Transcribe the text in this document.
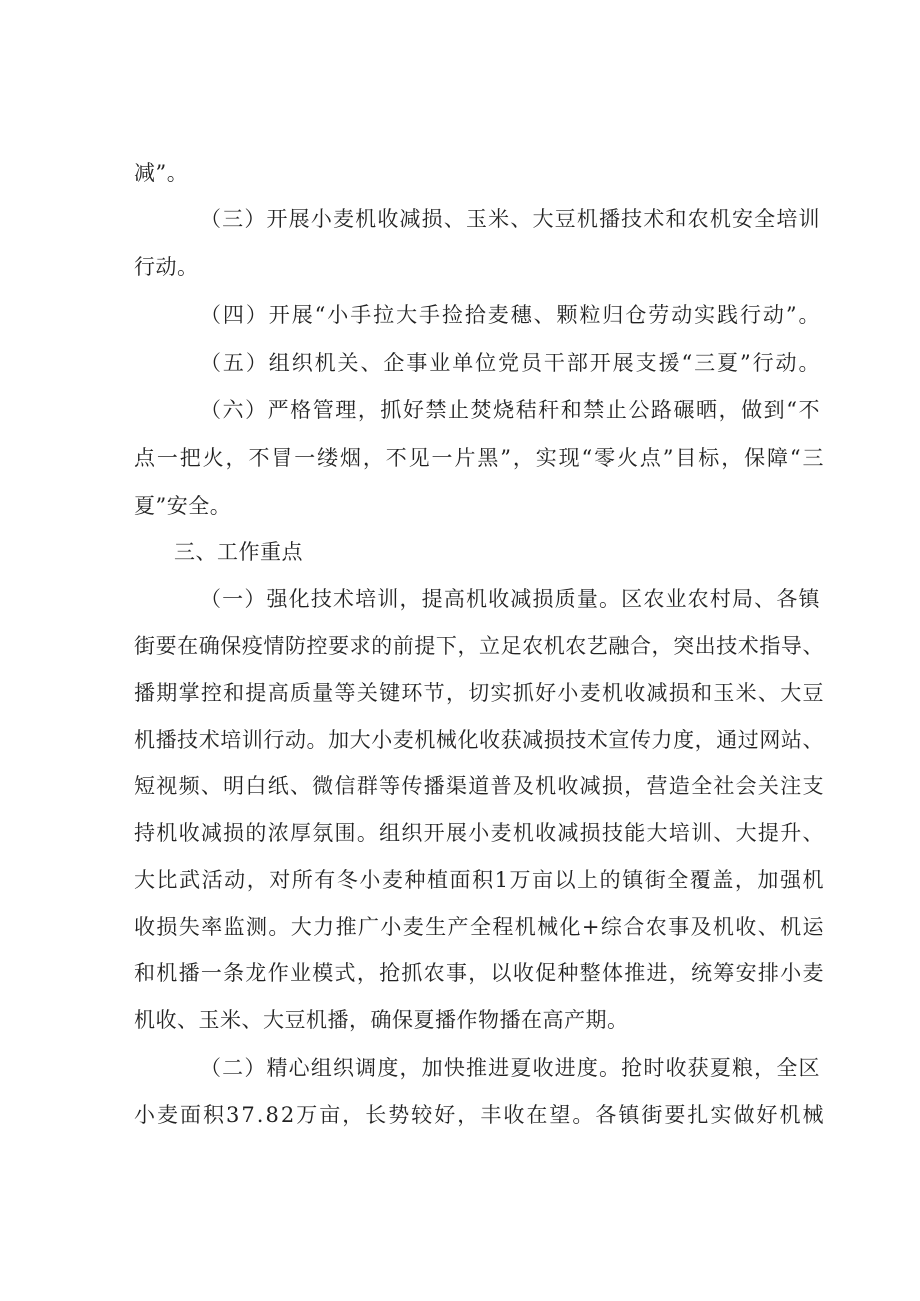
减”。
（三）开展小麦机收减损、玉米、大豆机播技术和农机安全培训
行动。
（四）开展“小手拉大手捡拾麦穗、颗粒归仓劳动实践行动”。
（五）组织机关、企事业单位党员干部开展支援“三夏”行动。
（六）严格管理，抓好禁止焚烧秸秆和禁止公路碾晒，做到“不
点一把火，不冒一缕烟，不见一片黑”，实现“零火点”目标，保障“三
夏”安全。
三、工作重点
（一）强化技术培训，提高机收减损质量。区农业农村局、各镇
街要在确保疫情防控要求的前提下，立足农机农艺融合，突出技术指导、
播期掌控和提高质量等关键环节，切实抓好小麦机收减损和玉米、大豆
机播技术培训行动。加大小麦机械化收获减损技术宣传力度，通过网站、
短视频、明白纸、微信群等传播渠道普及机收减损，营造全社会关注支
持机收减损的浓厚氛围。组织开展小麦机收减损技能大培训、大提升、
大比武活动，对所有冬小麦种植面积1万亩以上的镇街全覆盖，加强机
收损失率监测。大力推广小麦生产全程机械化+综合农事及机收、机运
和机播一条龙作业模式，抢抓农事，以收促种整体推进，统筹安排小麦
机收、玉米、大豆机播，确保夏播作物播在高产期。
（二）精心组织调度，加快推进夏收进度。抢时收获夏粮，全区
小麦面积37.82万亩，长势较好，丰收在望。各镇街要扎实做好机械
